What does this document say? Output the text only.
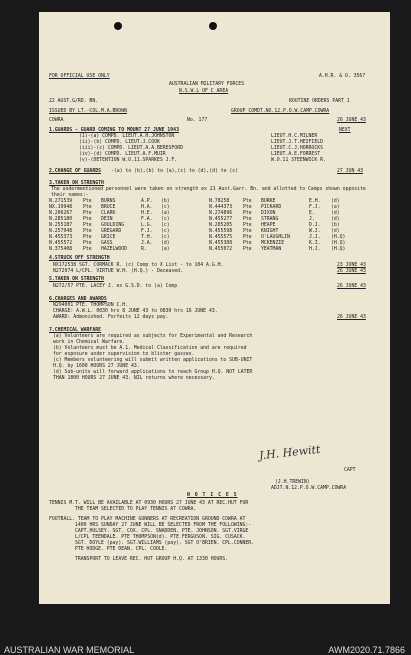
FOR OFFICIAL USE ONLY	A.H.R. & O. 3567
AUSTRALIAN MILITARY FORCES
N.S.W.L OF C AREA
22 AUST.G/RD. BN.	ROUTINE ORDERS PART 1
ISSUED BY LT.-COL.M.A.BROWN	GROUP COMDT.NO.12.P.O.W.CAMP.COWRA
COWRA	No. 177	26 JUNE 43
1.GUARDS - GUARD COMING TO MOUNT 27 JUNE 1943	NEXT
(1)-(a) COMPD. LIEUT.A.H.JOHNSTON	LIEUT.H.C.MILNER
(ii)-(b) COMPD. LIEUT.J.COOK	LIEUT.J.T.HEIFIELD
(iii)-(c) COMPD. LIEUT.A.A.BERESFORD	LIEUT.C.J.HORROCKS
(iv)-(d) COMPD. LIEUT.A.F.MUIR	LIEUT.A.E.FORREST
(v)-(DETENTION W.O.11.SPARKES J.F.	W.O.11 STEENWICK R.
2.CHANGE OF GUARDS -(a) to (b),(b) to (a),(c) to (d),(d) to (c)	27 JUN 43
3.TAKEN ON STRENGTH
The undermentioned personnel were taken on strength ex 21 Aust.Garr. Bn. and allotted to Camps shown opposite their names:-
N.271539 Pte BURNS	A.P. (b)	N.78258	Pte BURKE	E.H. (d)
NX.19948 Pte BRUCE	H.A. (c)	N.444373 Pte PICKARD	F.J. (a)
N.206267 Pte CLARK	H.E. (a)	N.274896 Pte DIXON	E.	(d)
N.285180 Pte DEIN	F.A. (c)	N.455277 Pte STRANG	J.	(d)
N.255187 Pte GOULDING	L.G. (c)	N.205205 Pte HEAPE	D.J. (b)
N.257048 Pte GREGARD	F.J. (c)	N.455598 Pte KNIGHT	W.J. (d)
N.455373 Pte GRICE	T.H. (c)	N.455575 Pte O'LAUGHLIN	J.J. (H.Q)
N.455572 Pte GASS	J.A. (d)	N.455308 Pte MCKENZIE	K.I. (H.Q)
N.375408 Pte HAZELWOOD	R.	(a)	N.455072 Pte YEATMAN	H.J. (H.Q)
4.STRUCK OFF STRENGTH
NX172538 SGT. CORMACK R. (c) Comp to X List - to 104 A.G.H.	23 JUNE 43
N272974 L/CPL. VIRTUE W.H. (H.Q.) - Deceased.	26 JUNE 43
5.TAKEN ON STRENGTH
N272/57 PTE. LACEY J. ex G.S.D. to (a) Comp	26 JUNE 43
6.CHARGES AND AWARDS
N294001 PTE. THOMPSON C.H.
CHARGE: A.W.L. 0030 hrs 8 JUNE 43 to 0830 hrs 16 JUNE 43.
AWARD: Admonished. Forfeits 12 days pay.	26 JUNE 43
7.CHEMICAL WARFARE
(a) Volunteers are required as subjects for Experimental and Research
work in Chemical Warfare.
(b) Volunteers must be A.1. Medical Classification and are required
for exposure under supervision to blister gasses.
(c) Members volunteering will submit written applications to SUB-UNIT
H.Q. by 1600 HOURS 27 JUNE 43.
(d) Sub-units will forward applications to reach Group H.Q. NOT LATER
THAN 1800 HOURS 27 JUNE 43. NIL returns where necessary.
J.H. Hewitt
CAPT
(J.H.TREWIN)
ADJT.N.12.P.O.W.CAMP.COWRA
N O T I C E S
TENNIS M.T. WILL BE AVAILABLE AT 0930 HOURS 27 JUNE 43 AT REC.HUT FOR
THE TEAM SELECTED TO PLAY TENNIS AT COWRA.
FOOTBALL. TEAM TO PLAY MACHINE GUNNERS AT RECREATION GROUND COWRA AT
1400 HRS SUNDAY 27 JUNE WILL BE SELECTED FROM THE FOLLOWING:-
CAPT.HULSEY. SGT. COX. CPL. SNADDEN. PTE. JOHNSON. SGT.VIRGE
L/CPL TEENDALE. PTE THOMPSON(d). PTE FERGUSON. SIG. CUSACK.
SGT. DOYLE (pay). SGT.WILLIAMS (pay). SGT O'BRIEN. CPL.CONNER.
PTE HODGE. PTE DEAN. CPL. COOLE.
TRANSPORT TO LEAVE REC. HUT GROUP H.Q. AT 1330 HOURS.
AUSTRALIAN WAR MEMORIAL	AWM2020.71.7866
